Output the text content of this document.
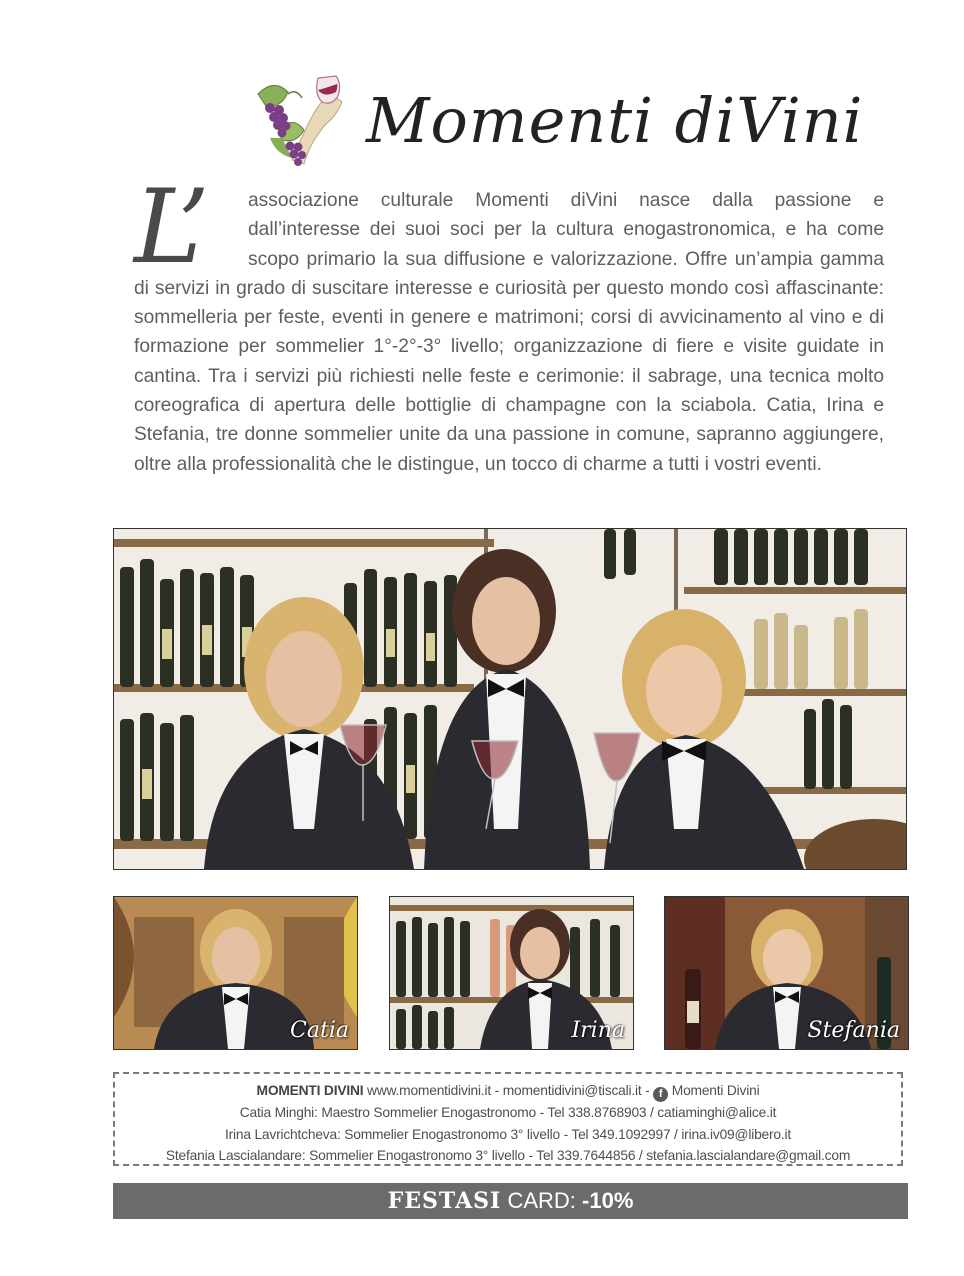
Momenti diVini
L’	associazione culturale Momenti diVini nasce dalla passione e dall’interesse dei suoi soci per la cultura enogastronomica, e ha come scopo primario la sua diffusione e valorizzazione. Offre un’ampia gamma di servizi in grado di suscitare interesse e curiosità per questo mondo così affascinante: sommelleria per feste, eventi in genere e matrimoni; corsi di avvicinamento al vino e di formazione per sommelier 1°-2°-3° livello; organizzazione di fiere e visite guidate in cantina. Tra i servizi più richiesti nelle feste e cerimonie: il sabrage, una tecnica molto coreografica di apertura delle bottiglie di champagne con la sciabola. Catia, Irina e Stefania, tre donne sommelier unite da una passione in comune, sapranno aggiungere, oltre alla professionalità che le distingue, un tocco di charme a tutti i vostri eventi.
Catia	Irina	Stefania
MOMENTI DIVINI www.momentidivini.it - momentidivini@tiscali.it - f Momenti Divini
Catia Minghi: Maestro Sommelier Enogastronomo - Tel 338.8768903 / catiaminghi@alice.it
Irina Lavrichtcheva: Sommelier Enogastronomo 3° livello - Tel 349.1092997 / irina.iv09@libero.it
Stefania Lascialandare: Sommelier Enogastronomo 3° livello - Tel 339.7644856 / stefania.lascialandare@gmail.com
FESTASI CARD: -10%
